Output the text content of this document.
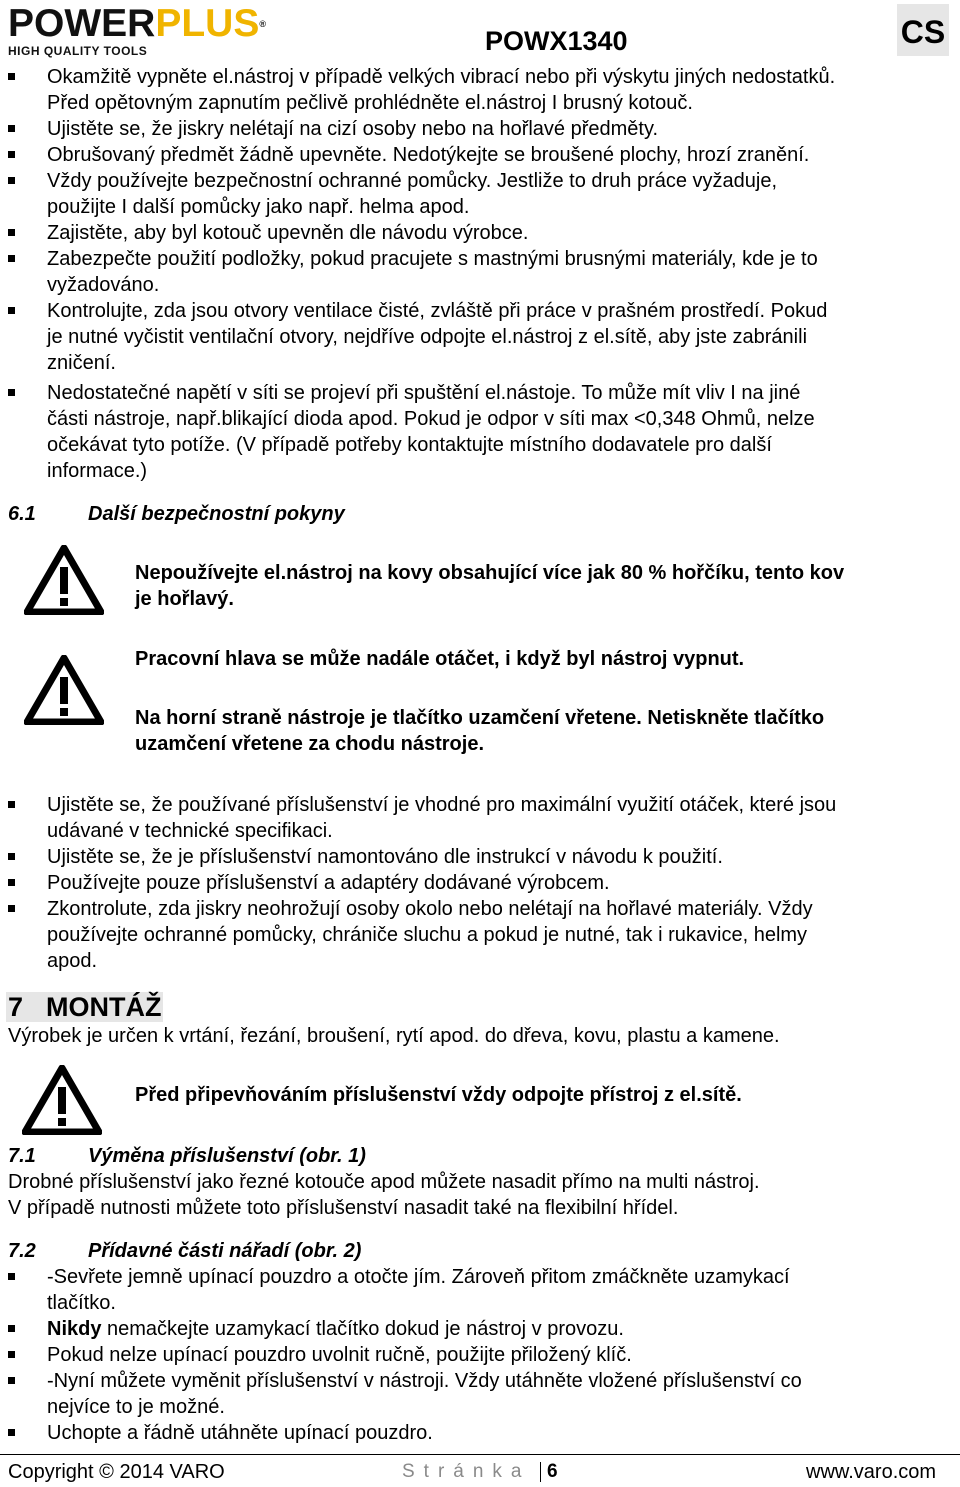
POWERPLUS®
HIGH QUALITY TOOLS	POWX1340	CS
Okamžitě vypněte el.nástroj v případě velkých vibrací nebo při výskytu jiných nedostatků.
Před opětovným zapnutím pečlivě prohlédněte el.nástroj I brusný kotouč.
Ujistěte se, že jiskry nelétají na cizí osoby nebo na hořlavé předměty.
Obrušovaný předmět žádně upevněte. Nedotýkejte se broušené plochy, hrozí zranění.
Vždy používejte bezpečnostní ochranné pomůcky. Jestliže to druh práce vyžaduje,
použijte I další pomůcky jako např. helma apod.
Zajistěte, aby byl kotouč upevněn dle návodu výrobce.
Zabezpečte použití podložky, pokud pracujete s mastnými brusnými materiály, kde je to
vyžadováno.
Kontrolujte, zda jsou otvory ventilace čisté, zvláště při práce v prašném prostředí. Pokud
je nutné vyčistit ventilační otvory, nejdříve odpojte el.nástroj z el.sítě, aby jste zabránili
zničení.
Nedostatečné napětí v síti se projeví při spuštění el.nástoje. To může mít vliv I na jiné
části nástroje, např.blikající dioda apod. Pokud je odpor v síti max <0,348 Ohmů, nelze
očekávat tyto potíže. (V případě potřeby kontaktujte místního dodavatele pro další
informace.)
6.1	Další bezpečnostní pokyny
Nepoužívejte el.nástroj na kovy obsahující více jak 80 % hořčíku, tento kov
je hořlavý.
Pracovní hlava se může nadále otáčet, i když byl nástroj vypnut.
Na horní straně nástroje je tlačítko uzamčení vřetene. Netiskněte tlačítko
uzamčení vřetene za chodu nástroje.
Ujistěte se, že používané příslušenství je vhodné pro maximální využití otáček, které jsou
udávané v technické specifikaci.
Ujistěte se, že je příslušenství namontováno dle instrukcí v návodu k použití.
Používejte pouze příslušenství a adaptéry dodávané výrobcem.
Zkontrolute, zda jiskry neohrožují osoby okolo nebo nelétají na hořlavé materiály. Vždy
používejte ochranné pomůcky, chrániče sluchu a pokud je nutné, tak i rukavice, helmy
apod.
7 MONTÁŽ
Výrobek je určen k vrtání, řezání, broušení, rytí apod. do dřeva, kovu, plastu a kamene.
Před připevňováním příslušenství vždy odpojte přístroj z el.sítě.
7.1	Výměna příslušenství (obr. 1)
Drobné příslušenství jako řezné kotouče apod můžete nasadit přímo na multi nástroj.
V případě nutnosti můžete toto příslušenství nasadit také na flexibilní hřídel.
7.2	Přídavné části nářadí (obr. 2)
-Sevřete jemně upínací pouzdro a otočte jím. Zároveň přitom zmáčkněte uzamykací
tlačítko.
Nikdy nemačkejte uzamykací tlačítko dokud je nástroj v provozu.
Pokud nelze upínací pouzdro uvolnit ručně, použijte přiložený klíč.
-Nyní můžete vyměnit příslušenství v nástroji. Vždy utáhněte vložené příslušenství co
nejvíce to je možné.
Uchopte a řádně utáhněte upínací pouzdro.
Copyright © 2014 VARO	Stránka 6	www.varo.com
